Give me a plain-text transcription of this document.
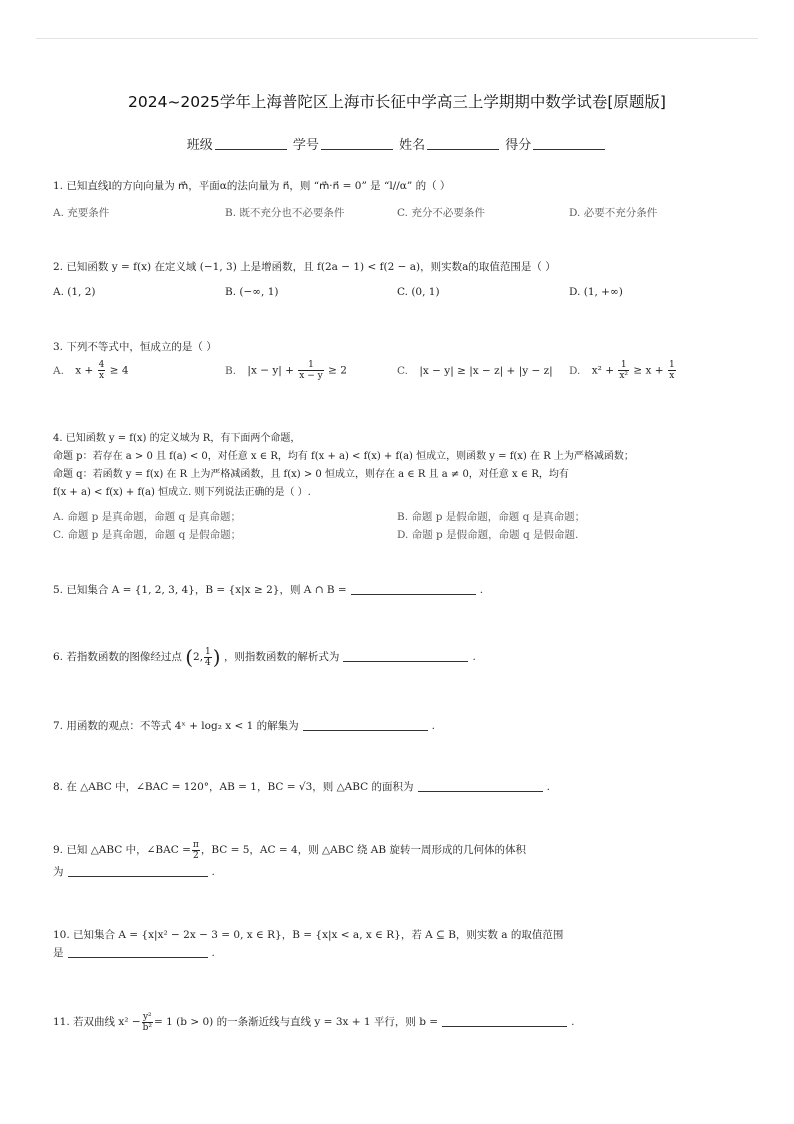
2024~2025学年上海普陀区上海市长征中学高三上学期期中数学试卷[原题版]
班级	学号	姓名	得分
1. 已知直线l的方向向量为 m⃗，平面α的法向量为 n⃗，则 “m⃗·n⃗ = 0” 是 “l//α” 的（ ）
A. 充要条件	B. 既不充分也不必要条件	C. 充分不必要条件	D. 必要不充分条件
2. 已知函数 y = f(x) 在定义域 (−1, 3) 上是增函数，且 f(2a − 1) < f(2 − a)，则实数a的取值范围是（ ）
A. (1, 2)	B. (−∞, 1)	C. (0, 1)	D. (1, +∞)
3. 下列不等式中，恒成立的是（ ）
A. $x + \frac{4}{x} \ge 4$	B. $|x - y| + \frac{1}{x - y} \ge 2$	C. |x − y| ≥ |x − z| + |y − z| D. $x^2 + \frac{1}{\text{x²}} \ge x + \frac{1}{x}$
4. 已知函数 y = f(x) 的定义域为 R，有下面两个命题，
命题 p：若存在 a > 0 且 f(a) < 0，对任意 x ∈ R，均有 f(x + a) < f(x) + f(a) 恒成立，则函数 y = f(x) 在 R 上为严格减函数；
命题 q：若函数 y = f(x) 在 R 上为严格减函数，且 f(x) > 0 恒成立，则存在 a ∈ R 且 a ≠ 0，对任意 x ∈ R，均有
f(x + a) < f(x) + f(a) 恒成立. 则下列说法正确的是（ ）.
A. 命题 p 是真命题，命题 q 是真命题；	B. 命题 p 是假命题，命题 q 是真命题；
C. 命题 p 是真命题，命题 q 是假命题；	D. 命题 p 是假命题，命题 q 是假命题.
5. 已知集合 A = {1, 2, 3, 4}，B = {x|x ≥ 2}，则 A ∩ B =	.
6. 若指数函数的图像经过点 (2, $\frac{1}{4}$ ) ，则指数函数的解析式为	.
7. 用函数的观点：不等式 4ˣ + log₂ x < 1 的解集为	.
8. 在 △ABC 中，∠BAC = 120°，AB = 1，BC = √3，则 △ABC 的面积为	.
9. 已知 △ABC 中，∠BAC = $\frac{\pi}{2}$ ，BC = 5，AC = 4，则 △ABC 绕 AB 旋转一周形成的几何体的体积
为	.
10. 已知集合 A = {x|x² − 2x − 3 = 0, x ∈ R}，B = {x|x < a, x ∈ R}，若 A ⊆ B，则实数 a 的取值范围
是	.
11. 若双曲线 $x^2 - \frac{\text{y²}}{\text{b²}} = 1$ (b > 0) 的一条渐近线与直线 y = 3x + 1 平行，则 b =	.
